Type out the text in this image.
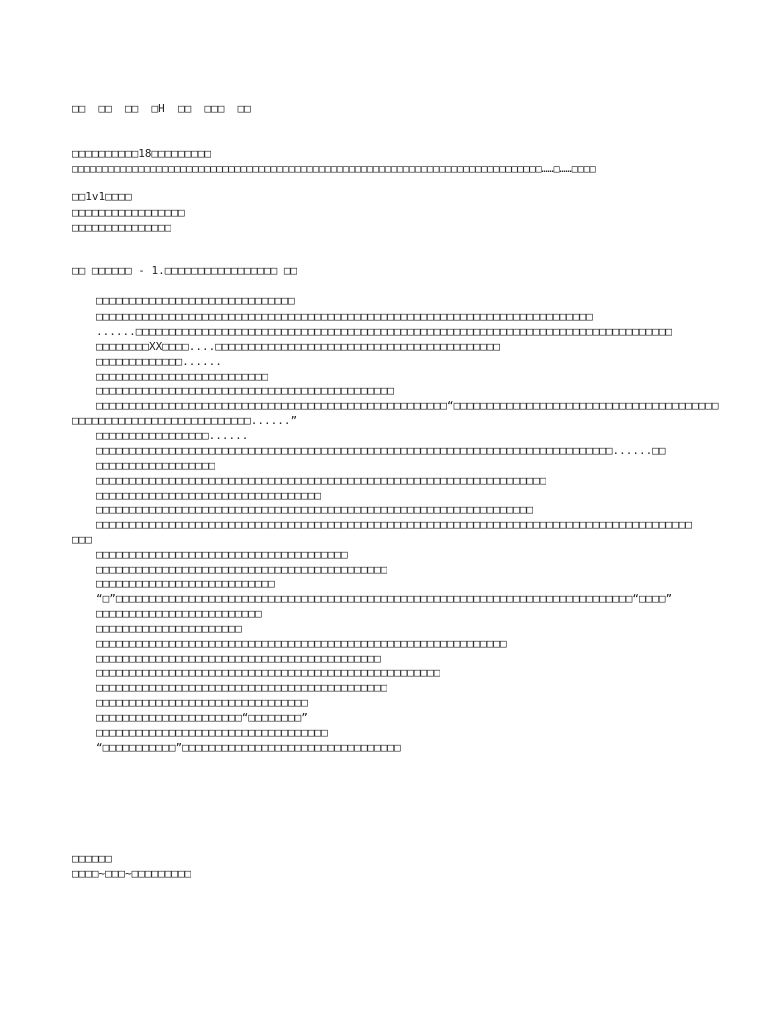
□□  □□  □□  □H  □□  □□□  □□
□□□□□□□□□□18□□□□□□□□□
□□□□□□□□□□□□□□□□□□□□□□□□□□□□□□□□□□□□□□□□□□□□□□□□□□□□□□□□□□□□□□□□□□□□□□□□□□□□□□……□……□□□□
□□1v1□□□□
□□□□□□□□□□□□□□□□□
□□□□□□□□□□□□□□□
□□ □□□□□□ - 1.□□□□□□□□□□□□□□□□□ □□
□□□□□□□□□□□□□□□□□□□□□□□□□□□□□□
□□□□□□□□□□□□□□□□□□□□□□□□□□□□□□□□□□□□□□□□□□□□□□□□□□□□□□□□□□□□□□□□□□□□□□□□□□□
......□□□□□□□□□□□□□□□□□□□□□□□□□□□□□□□□□□□□□□□□□□□□□□□□□□□□□□□□□□□□□□□□□□□□□□□□□□□□□□□□□
□□□□□□□□XX□□□□....□□□□□□□□□□□□□□□□□□□□□□□□□□□□□□□□□□□□□□□□□□□
□□□□□□□□□□□□□......
□□□□□□□□□□□□□□□□□□□□□□□□□□
□□□□□□□□□□□□□□□□□□□□□□□□□□□□□□□□□□□□□□□□□□□□□
□□□□□□□□□□□□□□□□□□□□□□□□□□□□□□□□□□□□□□□□□□□□□□□□□□□□□“□□□□□□□□□□□□□□□□□□□□□□□□□□□□□□□□□□□□□□□□
□□□□□□□□□□□□□□□□□□□□□□□□□□□......”
□□□□□□□□□□□□□□□□□......
□□□□□□□□□□□□□□□□□□□□□□□□□□□□□□□□□□□□□□□□□□□□□□□□□□□□□□□□□□□□□□□□□□□□□□□□□□□□□□......□□
□□□□□□□□□□□□□□□□□□
□□□□□□□□□□□□□□□□□□□□□□□□□□□□□□□□□□□□□□□□□□□□□□□□□□□□□□□□□□□□□□□□□□□□
□□□□□□□□□□□□□□□□□□□□□□□□□□□□□□□□□□
□□□□□□□□□□□□□□□□□□□□□□□□□□□□□□□□□□□□□□□□□□□□□□□□□□□□□□□□□□□□□□□□□□
□□□□□□□□□□□□□□□□□□□□□□□□□□□□□□□□□□□□□□□□□□□□□□□□□□□□□□□□□□□□□□□□□□□□□□□□□□□□□□□□□□□□□□□□□□
□□□
□□□□□□□□□□□□□□□□□□□□□□□□□□□□□□□□□□□□□□
□□□□□□□□□□□□□□□□□□□□□□□□□□□□□□□□□□□□□□□□□□□□
□□□□□□□□□□□□□□□□□□□□□□□□□□□
“□”□□□□□□□□□□□□□□□□□□□□□□□□□□□□□□□□□□□□□□□□□□□□□□□□□□□□□□□□□□□□□□□□□□□□□□□□□□□□□□“□□□□”
□□□□□□□□□□□□□□□□□□□□□□□□□
□□□□□□□□□□□□□□□□□□□□□□
□□□□□□□□□□□□□□□□□□□□□□□□□□□□□□□□□□□□□□□□□□□□□□□□□□□□□□□□□□□□□□
□□□□□□□□□□□□□□□□□□□□□□□□□□□□□□□□□□□□□□□□□□□
□□□□□□□□□□□□□□□□□□□□□□□□□□□□□□□□□□□□□□□□□□□□□□□□□□□□
□□□□□□□□□□□□□□□□□□□□□□□□□□□□□□□□□□□□□□□□□□□□
□□□□□□□□□□□□□□□□□□□□□□□□□□□□□□□□
□□□□□□□□□□□□□□□□□□□□□□“□□□□□□□□”
□□□□□□□□□□□□□□□□□□□□□□□□□□□□□□□□□□□
“□□□□□□□□□□□”□□□□□□□□□□□□□□□□□□□□□□□□□□□□□□□□□
□□□□□□
□□□□~□□□~□□□□□□□□□
